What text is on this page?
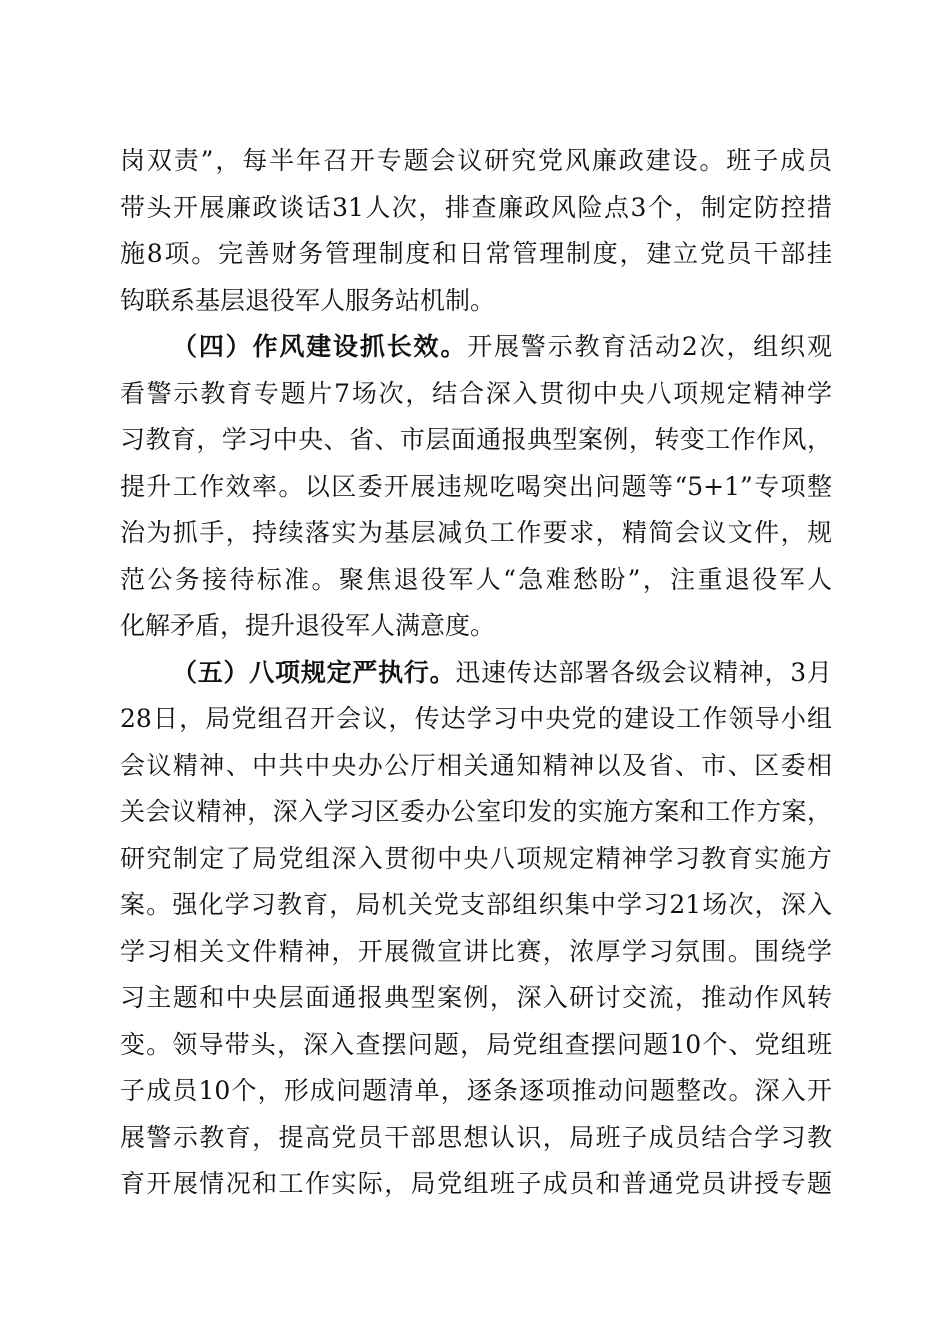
岗双责”，每半年召开专题会议研究党风廉政建设。班子成员
带头开展廉政谈话31人次，排查廉政风险点3个，制定防控措
施8项。完善财务管理制度和日常管理制度，建立党员干部挂
钩联系基层退役军人服务站机制。
（四）作风建设抓长效。开展警示教育活动2次，组织观
看警示教育专题片7场次，结合深入贯彻中央八项规定精神学
习教育，学习中央、省、市层面通报典型案例，转变工作作风，
提升工作效率。以区委开展违规吃喝突出问题等“5+1”专项整
治为抓手，持续落实为基层减负工作要求，精简会议文件，规
范公务接待标准。聚焦退役军人“急难愁盼”，注重退役军人
化解矛盾，提升退役军人满意度。
（五）八项规定严执行。迅速传达部署各级会议精神，3月
28日，局党组召开会议，传达学习中央党的建设工作领导小组
会议精神、中共中央办公厅相关通知精神以及省、市、区委相
关会议精神，深入学习区委办公室印发的实施方案和工作方案，
研究制定了局党组深入贯彻中央八项规定精神学习教育实施方
案。强化学习教育，局机关党支部组织集中学习21场次，深入
学习相关文件精神，开展微宣讲比赛，浓厚学习氛围。围绕学
习主题和中央层面通报典型案例，深入研讨交流，推动作风转
变。领导带头，深入查摆问题，局党组查摆问题10个、党组班
子成员10个，形成问题清单，逐条逐项推动问题整改。深入开
展警示教育，提高党员干部思想认识，局班子成员结合学习教
育开展情况和工作实际，局党组班子成员和普通党员讲授专题
